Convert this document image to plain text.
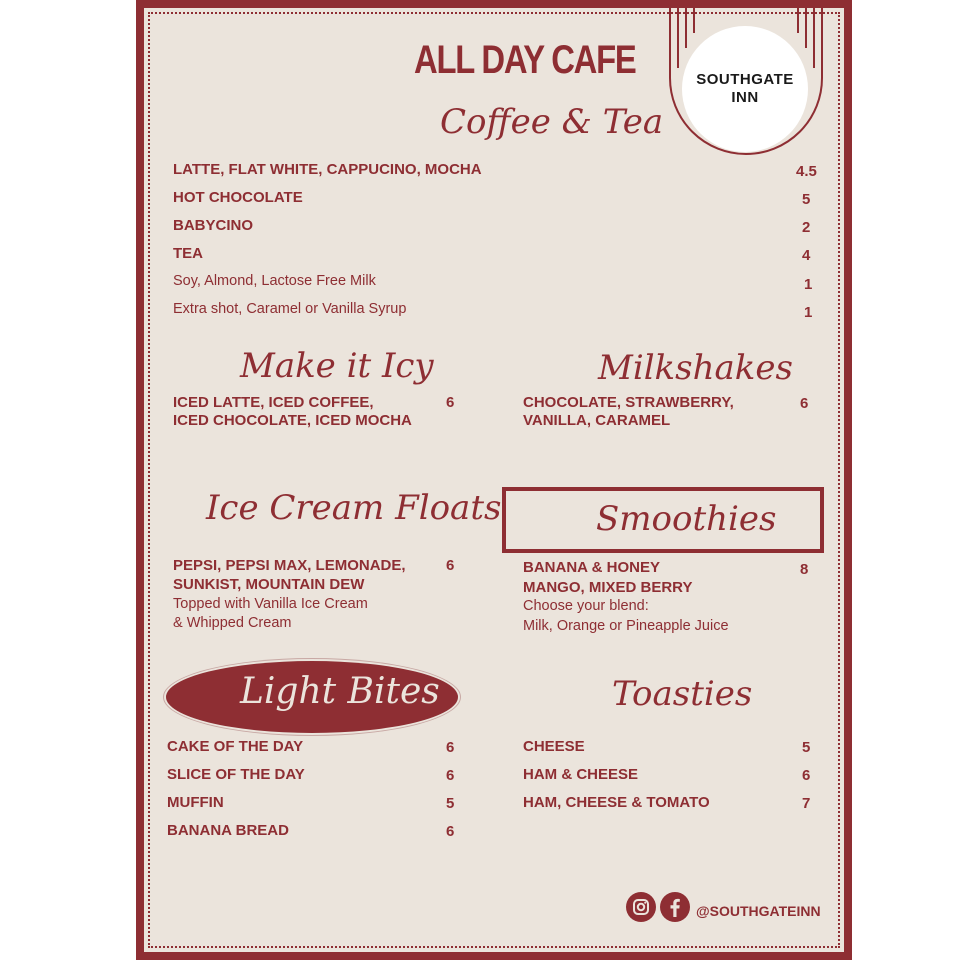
SOUTHGATE
INN
ALL DAY CAFE
Coffee & Tea
LATTE, FLAT WHITE, CAPPUCINO, MOCHA	4.5
HOT CHOCOLATE	5
BABYCINO	2
TEA	4
Soy, Almond, Lactose Free Milk	1
Extra shot, Caramel or Vanilla Syrup	1
Make it Icy
ICED LATTE, ICED COFFEE,
ICED CHOCOLATE, ICED MOCHA
6
Milkshakes
CHOCOLATE, STRAWBERRY,
VANILLA, CARAMEL
6
Ice Cream Floats
PEPSI, PEPSI MAX, LEMONADE,
SUNKIST, MOUNTAIN DEW
Topped with Vanilla Ice Cream
& Whipped Cream
6
Smoothies
BANANA & HONEY
MANGO, MIXED BERRY
Choose your blend:
Milk, Orange or Pineapple Juice
8
Light Bites
CAKE OF THE DAY	6
SLICE OF THE DAY	6
MUFFIN	5
BANANA BREAD	6
Toasties
CHEESE	5
HAM & CHEESE	6
HAM, CHEESE & TOMATO	7
@SOUTHGATEINN
